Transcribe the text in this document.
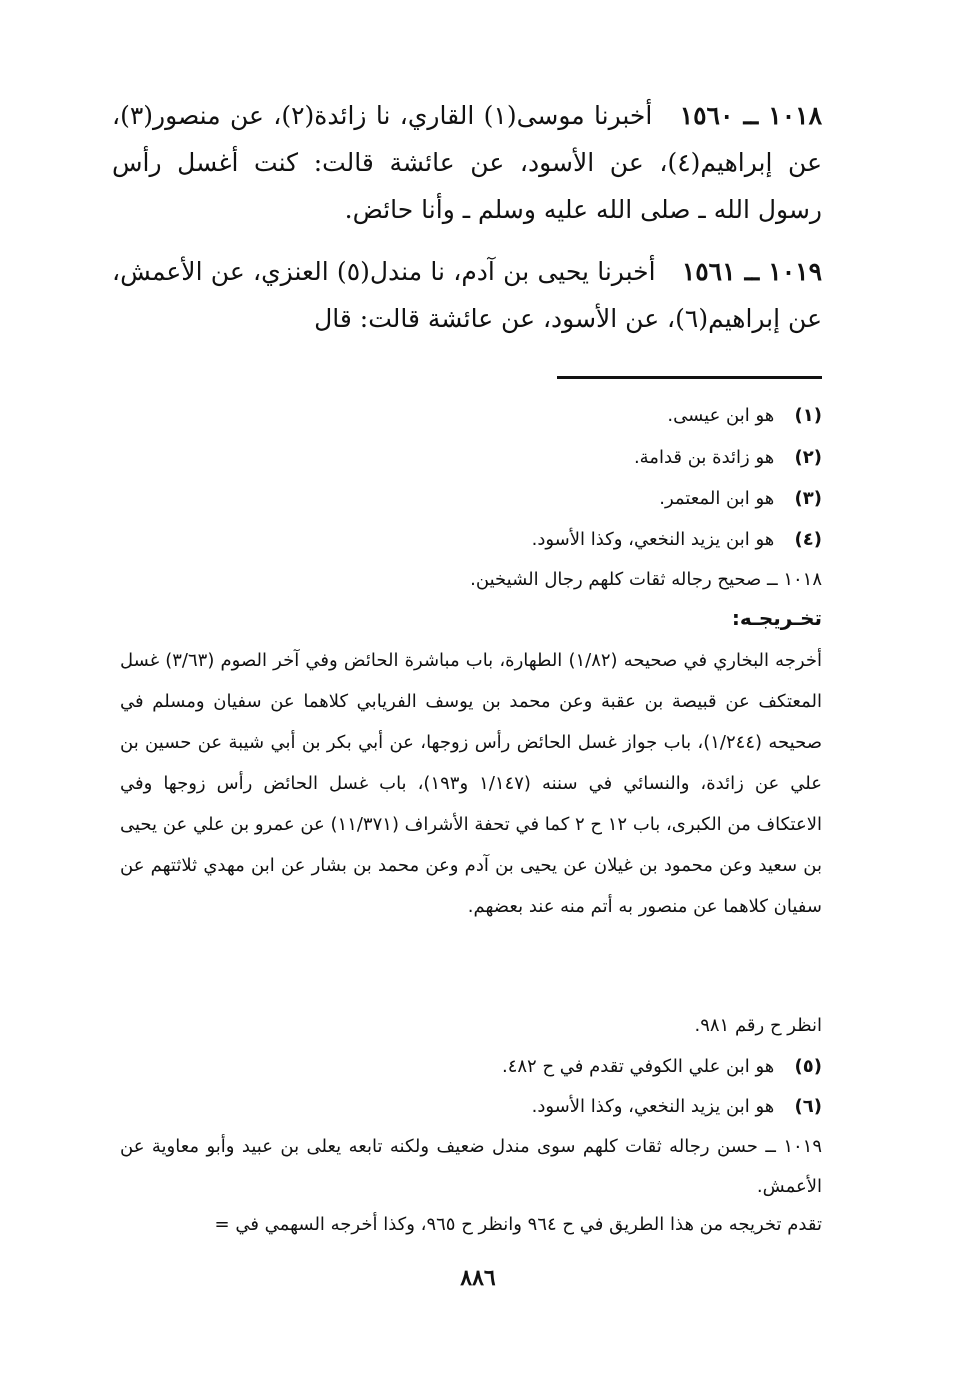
١٠١٨ ــ ١٥٦٠ أخبرنا موسى(١) القاري، نا زائدة(٢)، عن منصور(٣)، عن إبراهيم(٤)، عن الأسود، عن عائشة قالت: كنت أغسل رأس رسول الله ـ صلى الله عليه وسلم ـ وأنا حائض.
١٠١٩ ــ ١٥٦١ أخبرنا يحيى بن آدم، نا مندل(٥) العنزي، عن الأعمش، عن إبراهيم(٦)، عن الأسود، عن عائشة قالت: قال
(١) هو ابن عيسى.
(٢) هو زائدة بن قدامة.
(٣) هو ابن المعتمر.
(٤) هو ابن يزيد النخعي، وكذا الأسود.
١٠١٨ ــ صحيح رجاله ثقات كلهم رجال الشيخين.
تخـريجـه:
أخرجه البخاري في صحيحه (١/٨٢) الطهارة، باب مباشرة الحائض وفي آخر الصوم (٣/٦٣) غسل المعتكف عن قبيصة بن عقبة وعن محمد بن يوسف الفريابي كلاهما عن سفيان ومسلم في صحيحه (١/٢٤٤)، باب جواز غسل الحائض رأس زوجها، عن أبي بكر بن أبي شيبة عن حسين بن علي عن زائدة، والنسائي في سننه (١/١٤٧ و١٩٣)، باب غسل الحائض رأس زوجها وفي الاعتكاف من الكبرى، باب ١٢ ح ٢ كما في تحفة الأشراف (١١/٣٧١) عن عمرو بن علي عن يحيى بن سعيد وعن محمود بن غيلان عن يحيى بن آدم وعن محمد بن بشار عن ابن مهدي ثلاثتهم عن سفيان كلاهما عن منصور به أتم منه عند بعضهم.
انظر ح رقم ٩٨١.
(٥) هو ابن علي الكوفي تقدم في ح ٤٨٢.
(٦) هو ابن يزيد النخعي، وكذا الأسود.
١٠١٩ ــ حسن رجاله ثقات كلهم سوى مندل ضعيف ولكنه تابعه يعلى بن عبيد وأبو معاوية عن الأعمش.
تقدم تخريجه من هذا الطريق في ح ٩٦٤ وانظر ح ٩٦٥، وكذا أخرجه السهمي في =
٨٨٦
